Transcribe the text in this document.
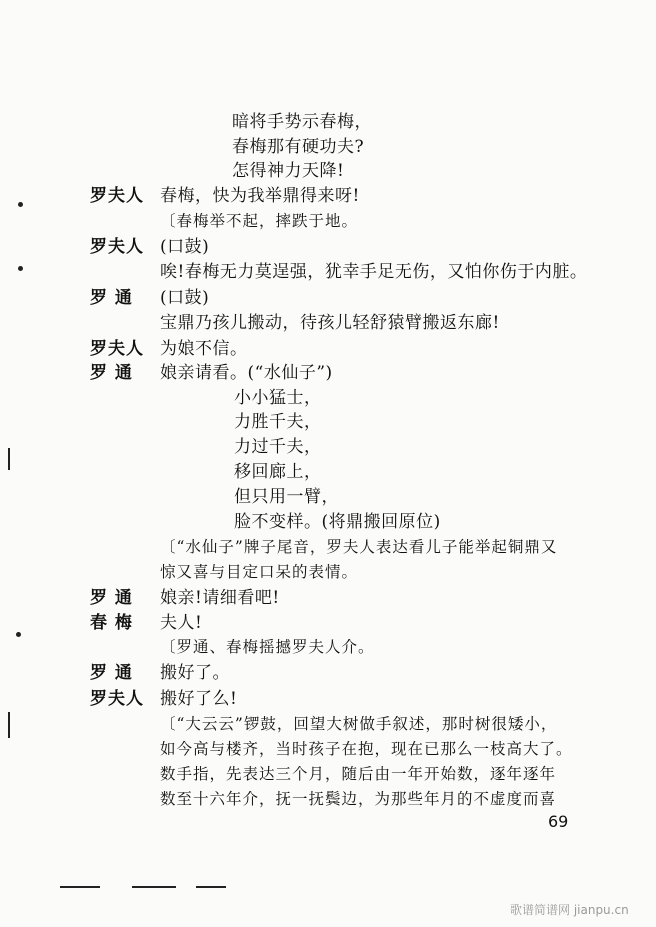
暗将手势示春梅，
春梅那有硬功夫?
怎得神力天降!
罗夫人 春梅，快为我举鼎得来呀!
〔春梅举不起，摔跌于地。
罗夫人 (口鼓)
唉!春梅无力莫逞强，犹幸手足无伤，又怕你伤于内脏。
罗 通 (口鼓)
宝鼎乃孩儿搬动，待孩儿轻舒猿臂搬返东廊!
罗夫人 为娘不信。
罗 通 娘亲请看。(“水仙子”)
小小猛士，
力胜千夫，
力过千夫，
移回廊上，
但只用一臂，
脸不变样。(将鼎搬回原位)
〔“水仙子”牌子尾音，罗夫人表达看儿子能举起铜鼎又
惊又喜与目定口呆的表情。
罗 通 娘亲!请细看吧!
春 梅 夫人!
〔罗通、春梅摇撼罗夫人介。
罗 通 搬好了。
罗夫人 搬好了么!
〔“大云云”锣鼓，回望大树做手叙述，那时树很矮小，
如今高与楼齐，当时孩子在抱，现在已那么一枝高大了。
数手指，先表达三个月，随后由一年开始数，逐年逐年
数至十六年介，抚一抚鬓边，为那些年月的不虚度而喜
69
歌谱简谱网 jianpu.cn
